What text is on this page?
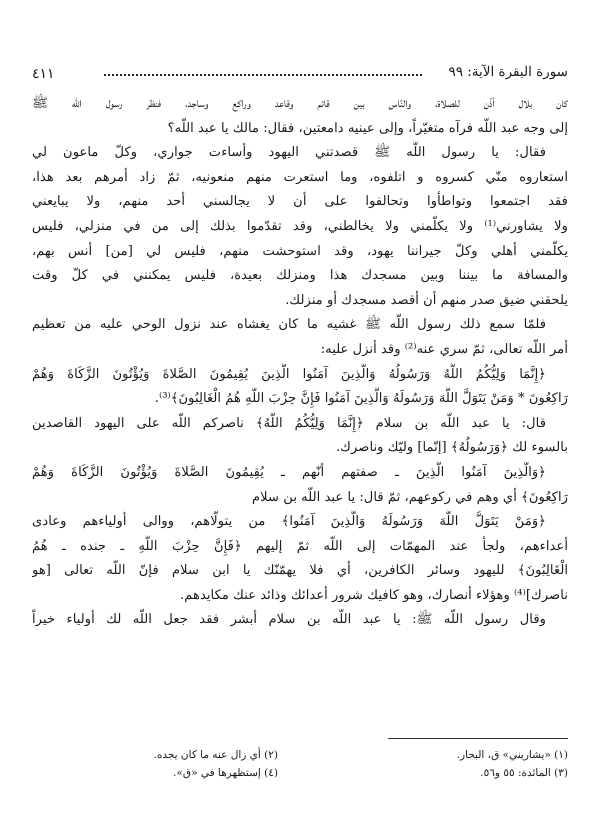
٤١١	سورة البقرة الآية: ٩٩
كان بلال أذّن للصلاة، والنّاس بين قائم وقاعد وراكع وساجد، فنظر رسول اللّه ﷺ
إلى وجه عبد اللّه فرآه متغيّراً، وإلى عينيه دامعتين، فقال: مالك يا عبد اللّه؟
فقال: يا رسول اللّه ﷺ قصدتني اليهود وأساءت جواري، وكلّ ماعون لي
استعاروه منّي كسروه و اتلفوه، وما استعرت منهم منعونيه، ثمّ زاد أمرهم بعد هذا،
فقد اجتمعوا وتواطأوا وتحالفوا على أن لا يجالسني أحد منهم، ولا يبايعني
ولا يشاورني⁽¹⁾ ولا يكلّمني ولا يخالطني، وقد تقدّموا بذلك إلى من في منزلي، فليس
يكلّمني أهلي وكلّ جيراننا يهود، وقد استوحشت منهم، فليس لي [من] أنس بهم،
والمسافة ما بيننا وبين مسجدك هذا ومنزلك بعيدة، فليس يمكنني في كلّ وقت
يلحقني ضيق صدر منهم أن أقصد مسجدك أو منزلك.
فلمّا سمع ذلك رسول اللّه ﷺ غشيه ما كان يغشاه عند نزول الوحي عليه من تعظيم
أمر اللّه تعالى، ثمّ سري عنه⁽²⁾ وقد أنزل عليه:
﴿إِنَّمَا وَلِيُّكُمُ اللَّهُ وَرَسُولُهُ وَالَّذِينَ آمَنُوا الَّذِينَ يُقِيمُونَ الصَّلاةَ وَيُؤْتُونَ الزَّكَاةَ وَهُمْ
رَاكِعُونَ * وَمَنْ يَتَوَلَّ اللَّهَ وَرَسُولَهُ وَالَّذِينَ آمَنُوا فَإِنَّ حِزْبَ اللَّهِ هُمُ الْغَالِبُونَ﴾⁽³⁾.
قال: يا عبد اللّه بن سلام ﴿إِنَّمَا وَلِيُّكُمُ اللَّهُ﴾ ناصركم اللّه على اليهود القاصدين
بالسوء لك ﴿وَرَسُولُهُ﴾ [إنّما] وليّك وناصرك.
﴿وَالَّذِينَ آمَنُوا الَّذِينَ ـ صفتهم أنّهم ـ يُقِيمُونَ الصَّلاةَ وَيُؤْتُونَ الزَّكَاةَ وَهُمْ
رَاكِعُونَ﴾ أي وهم في ركوعهم، ثمّ قال: يا عبد اللّه بن سلام
﴿وَمَنْ يَتَوَلَّ اللَّهَ وَرَسُولَهُ وَالَّذِينَ آمَنُوا﴾ من يتولّاهم، ووالى أولياءهم وعادى
أعداءهم، ولجأ عند المهمّات إلى اللّه ثمّ إليهم ﴿فَإِنَّ حِزْبَ اللَّهِ ـ جنده ـ هُمُ
الْغَالِبُونَ﴾ لليهود وسائر الكافرين، أي فلا يهمّنّك يا ابن سلام فإنّ اللّه تعالى [هو
ناصرك]⁽⁴⁾ وهؤلاء أنصارك، وهو كافيك شرور أعدائك وذائد عنك مكايدهم.
وقال رسول اللّه ﷺ: يا عبد اللّه بن سلام أبشر فقد جعل اللّه لك أولياء خيراً
(١) «يشاريني» ق، البحار.
(٢) أي زال عنه ما كان يجده.
(٣) المائدة: ٥٥ و٥٦.
(٤) إستظهرها في «ق».
